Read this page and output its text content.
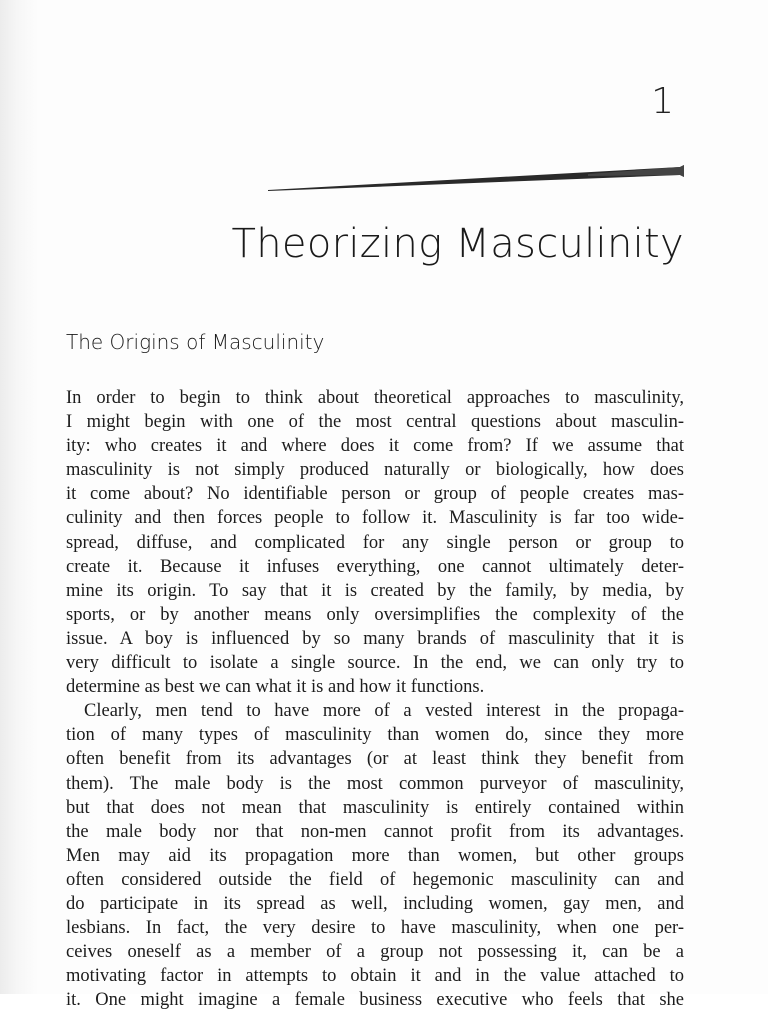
1
Theorizing Masculinity
The Origins of Masculinity
In order to begin to think about theoretical approaches to masculinity,
I might begin with one of the most central questions about masculin-
ity: who creates it and where does it come from? If we assume that
masculinity is not simply produced naturally or biologically, how does
it come about? No identifiable person or group of people creates mas-
culinity and then forces people to follow it. Masculinity is far too wide-
spread, diffuse, and complicated for any single person or group to
create it. Because it infuses everything, one cannot ultimately deter-
mine its origin. To say that it is created by the family, by media, by
sports, or by another means only oversimplifies the complexity of the
issue. A boy is influenced by so many brands of masculinity that it is
very difficult to isolate a single source. In the end, we can only try to
determine as best we can what it is and how it functions.
Clearly, men tend to have more of a vested interest in the propaga-
tion of many types of masculinity than women do, since they more
often benefit from its advantages (or at least think they benefit from
them). The male body is the most common purveyor of masculinity,
but that does not mean that masculinity is entirely contained within
the male body nor that non-men cannot profit from its advantages.
Men may aid its propagation more than women, but other groups
often considered outside the field of hegemonic masculinity can and
do participate in its spread as well, including women, gay men, and
lesbians. In fact, the very desire to have masculinity, when one per-
ceives oneself as a member of a group not possessing it, can be a
motivating factor in attempts to obtain it and in the value attached to
it. One might imagine a female business executive who feels that she
